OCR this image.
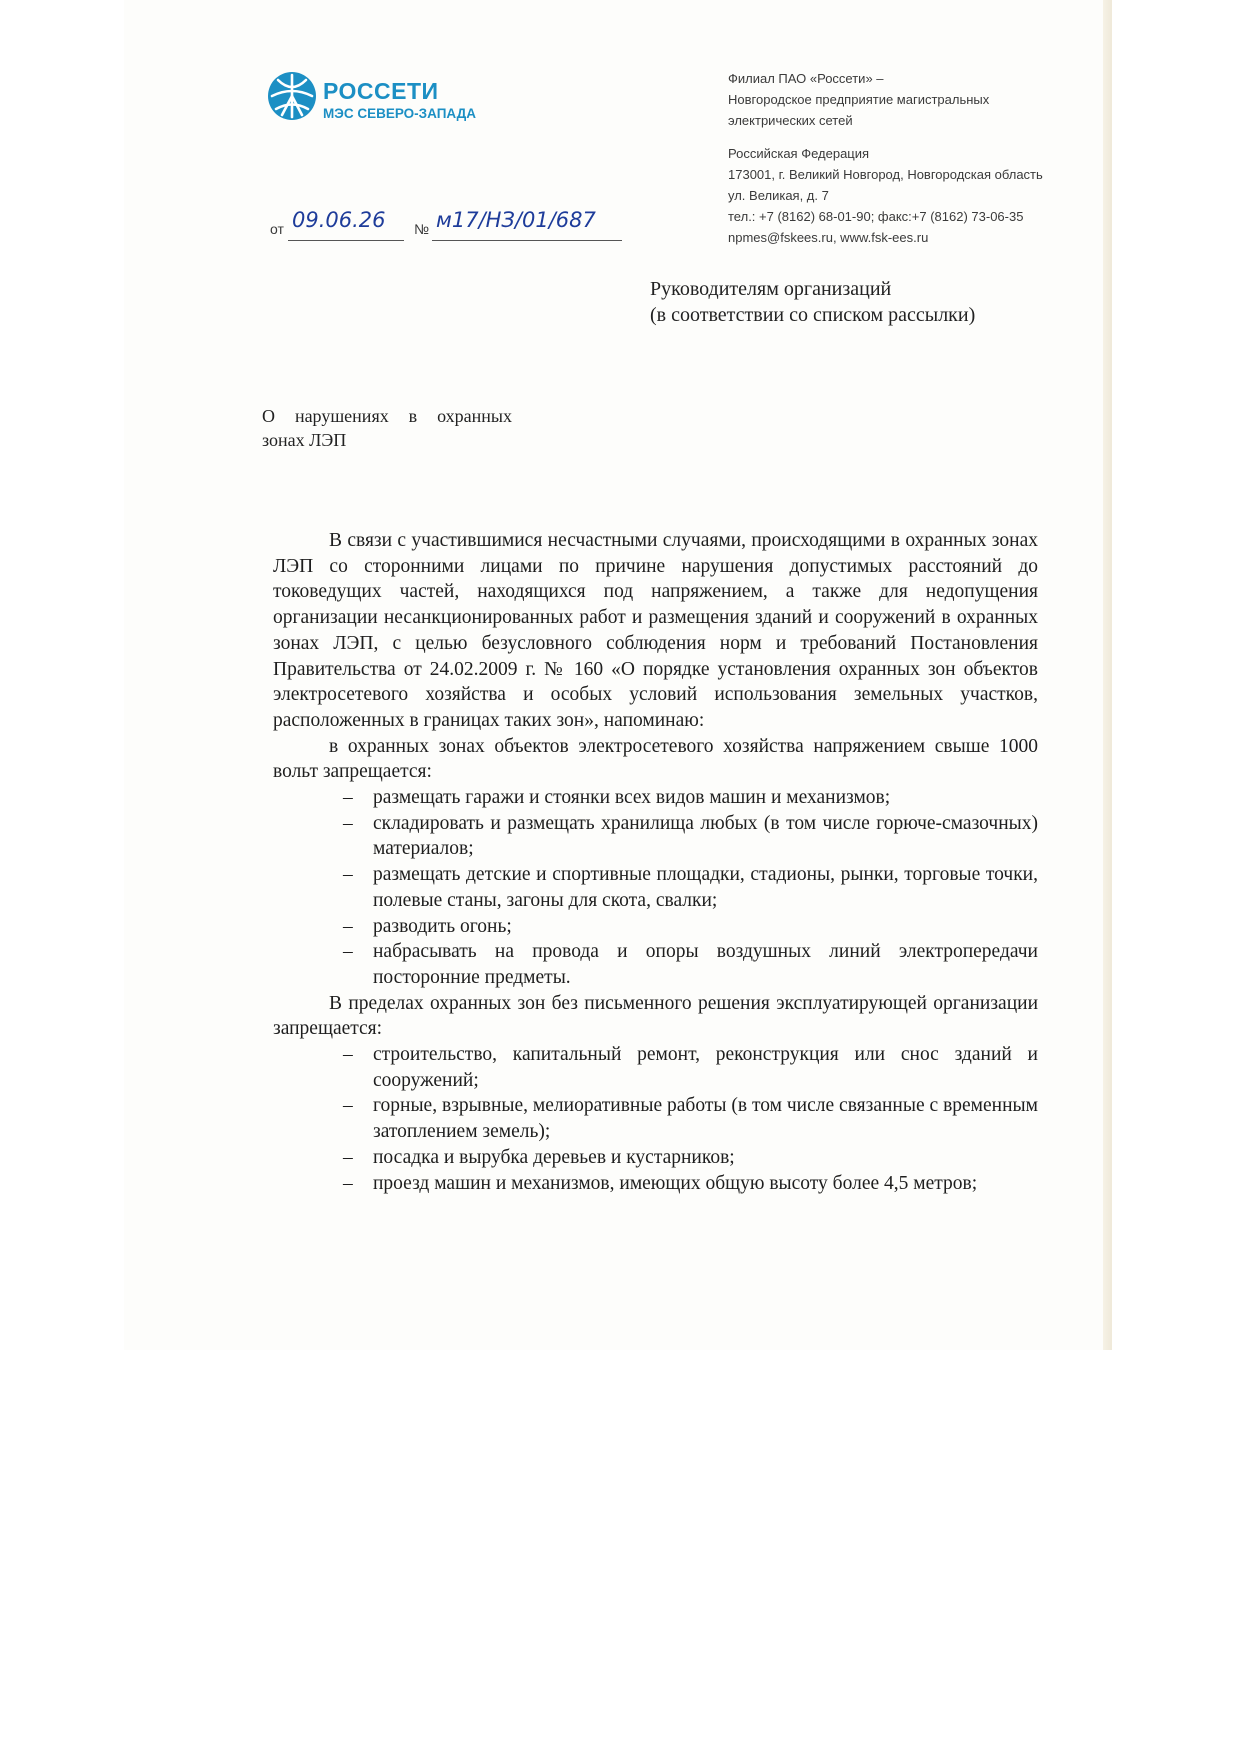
РОССЕТИ
МЭС СЕВЕРО-ЗАПАДА
Филиал ПАО «Россети» –
Новгородское предприятие магистральных
электрических сетей
Российская Федерация
173001, г. Великий Новгород, Новгородская область
ул. Великая, д. 7
тел.: +7 (8162) 68-01-90; факс:+7 (8162) 73-06-35
npmes@fskees.ru, www.fsk-ees.ru
от 09.06.26 № м17/НЗ/01/687
Руководителям организаций
(в соответствии со списком рассылки)
О нарушениях в охранных
зонах ЛЭП

В связи с участившимися несчастными случаями, происходящими в охранных зонах ЛЭП со сторонними лицами по причине нарушения допустимых расстояний до токоведущих частей, находящихся под напряжением, а также для недопущения организации несанкционированных работ и размещения зданий и сооружений в охранных зонах ЛЭП, с целью безусловного соблюдения норм и требований Постановления Правительства от 24.02.2009 г. № 160 «О порядке установления охранных зон объектов электросетевого хозяйства и особых условий использования земельных участков, расположенных в границах таких зон», напоминаю:

в охранных зонах объектов электросетевого хозяйства напряжением свыше 1000 вольт запрещается:

– размещать гаражи и стоянки всех видов машин и механизмов;
– складировать и размещать хранилища любых (в том числе горюче-смазочных) материалов;
– размещать детские и спортивные площадки, стадионы, рынки, торговые точки, полевые станы, загоны для скота, свалки;
– разводить огонь;
– набрасывать на провода и опоры воздушных линий электропередачи посторонние предметы.

В пределах охранных зон без письменного решения эксплуатирующей организации запрещается:

– строительство, капитальный ремонт, реконструкция или снос зданий и сооружений;
– горные, взрывные, мелиоративные работы (в том числе связанные с временным затоплением земель);
– посадка и вырубка деревьев и кустарников;
– проезд машин и механизмов, имеющих общую высоту более 4,5 метров;
